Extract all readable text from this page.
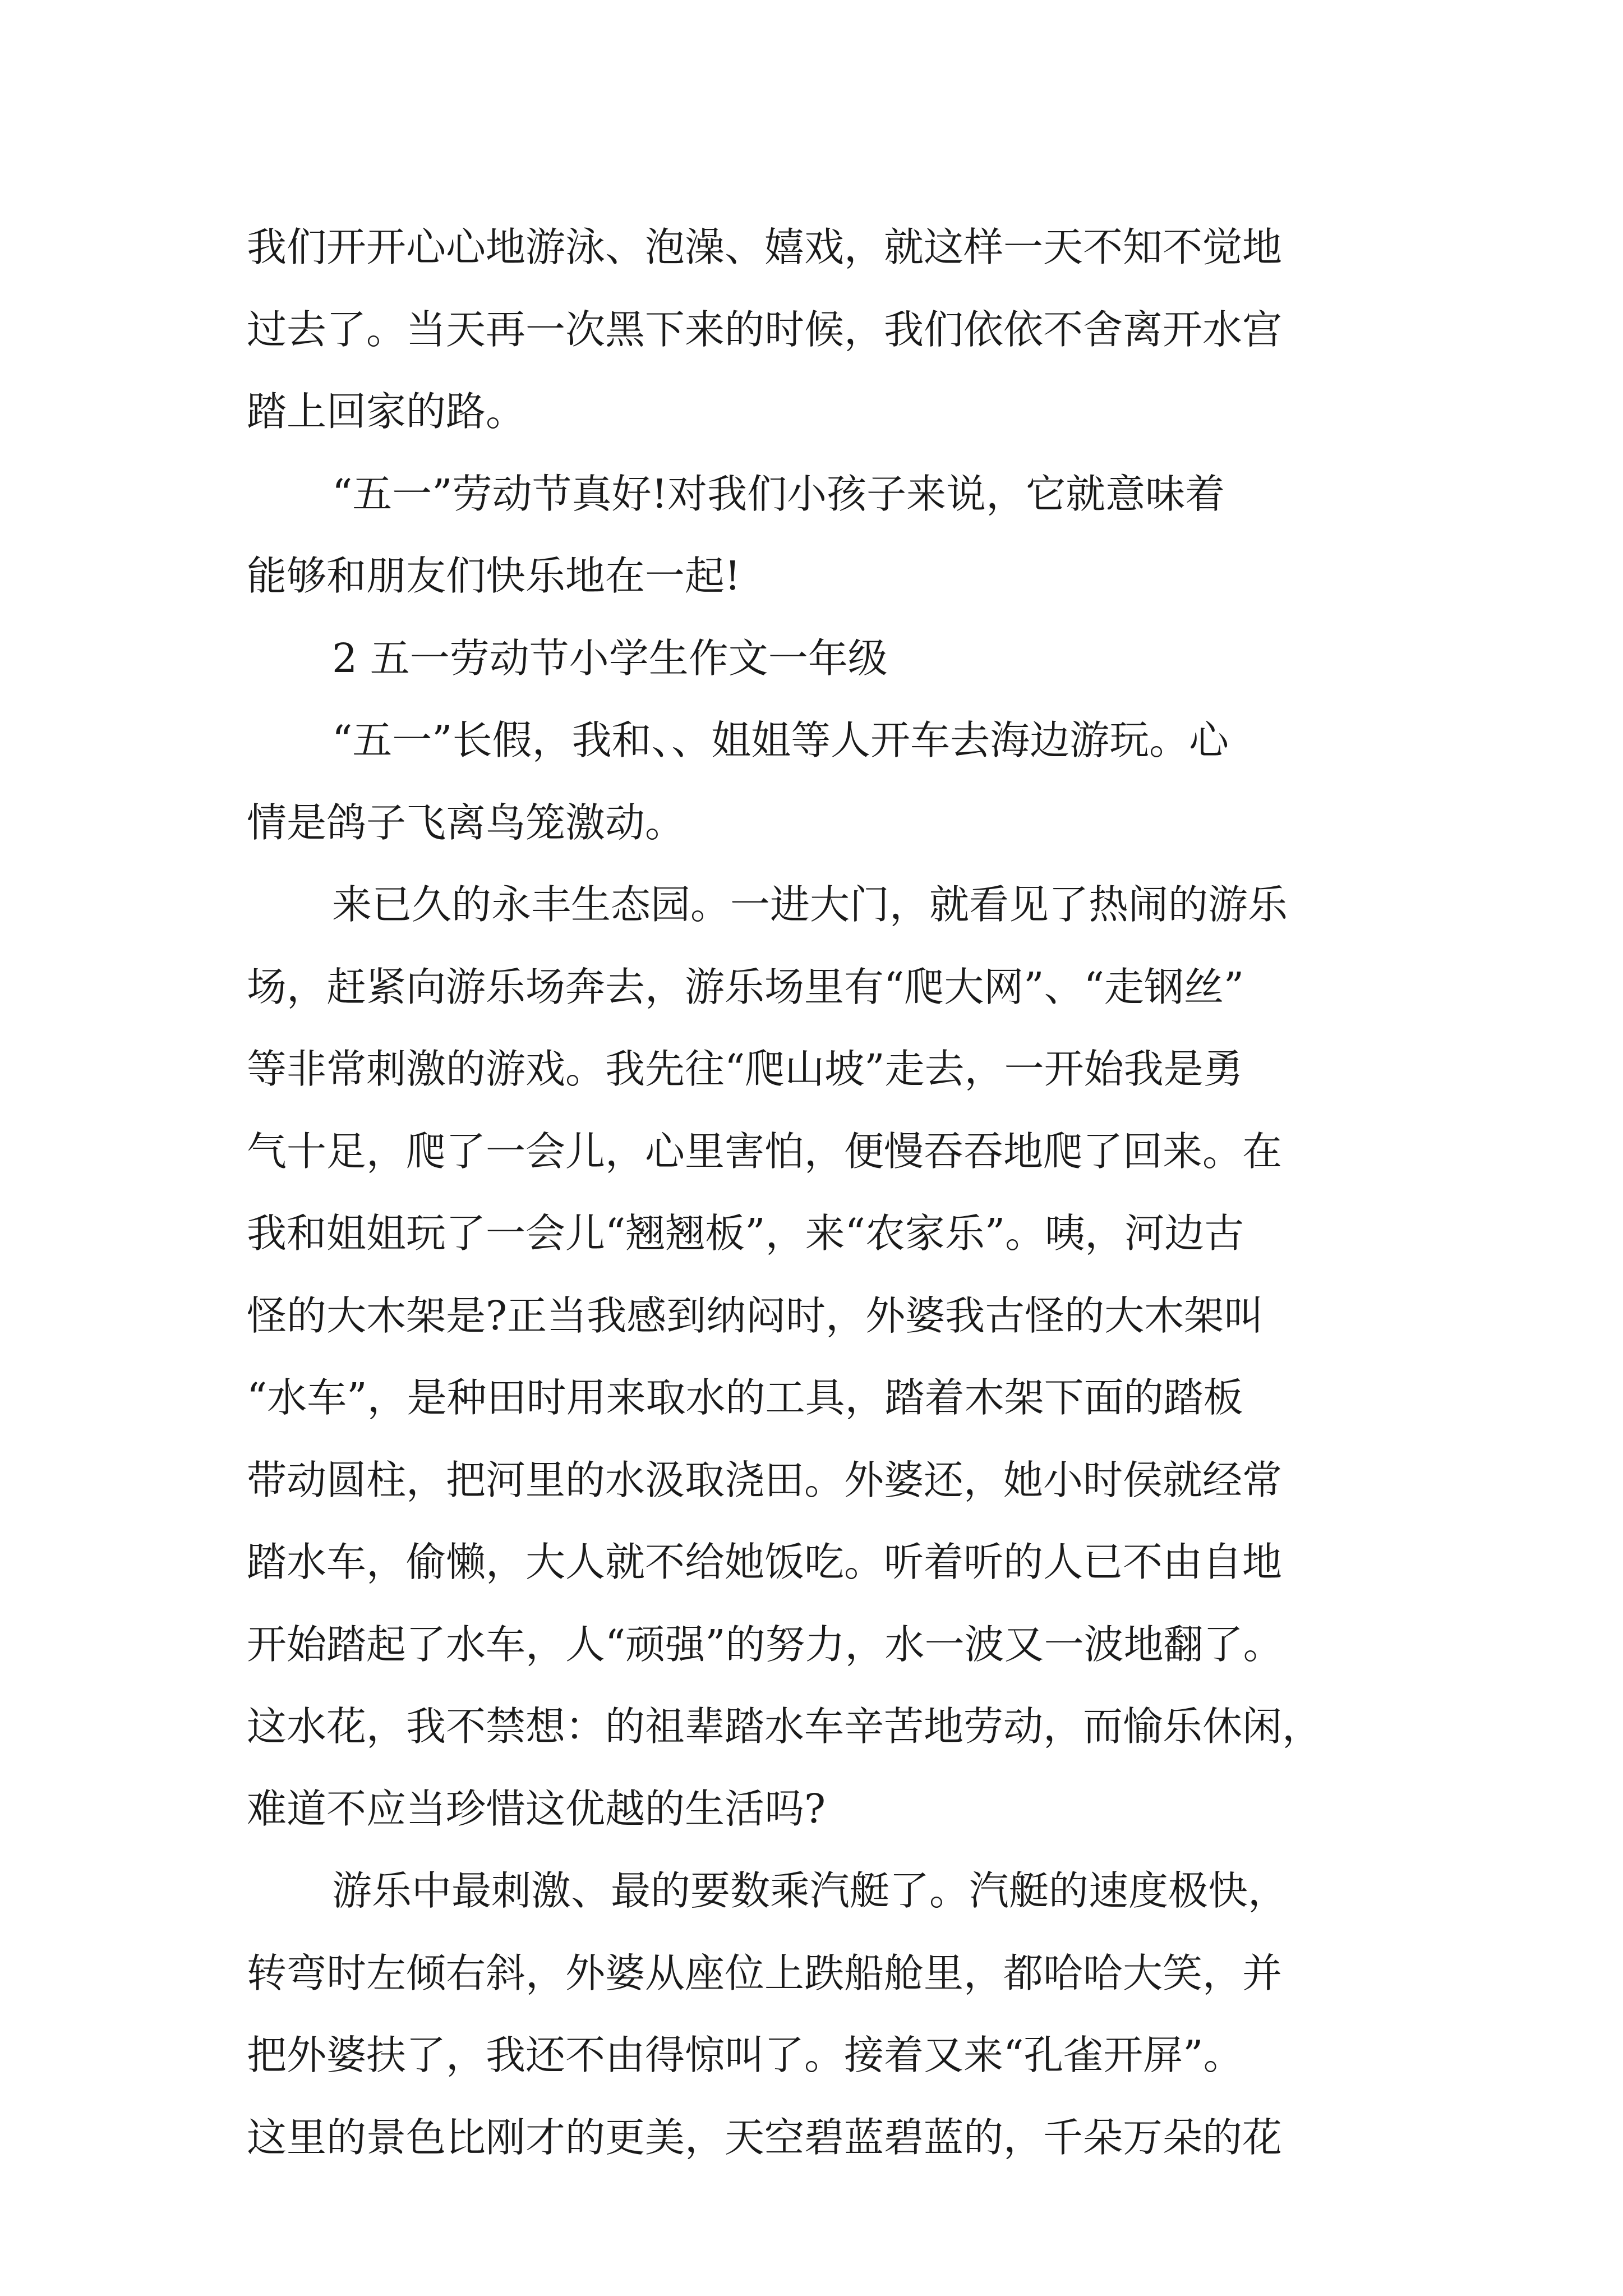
我们开开心心地游泳、泡澡、嬉戏，就这样一天不知不觉地
过去了。当天再一次黑下来的时候，我们依依不舍离开水宫
踏上回家的路。
“五一”劳动节真好!对我们小孩子来说，它就意味着
能够和朋友们快乐地在一起!
2 五一劳动节小学生作文一年级
“五一”长假，我和、、姐姐等人开车去海边游玩。心
情是鸽子飞离鸟笼激动。
来已久的永丰生态园。一进大门，就看见了热闹的游乐
场，赶紧向游乐场奔去，游乐场里有“爬大网”、“走钢丝”
等非常刺激的游戏。我先往“爬山坡”走去，一开始我是勇
气十足，爬了一会儿，心里害怕，便慢吞吞地爬了回来。在
我和姐姐玩了一会儿“翘翘板”，来“农家乐”。咦，河边古
怪的大木架是?正当我感到纳闷时，外婆我古怪的大木架叫
“水车”，是种田时用来取水的工具，踏着木架下面的踏板
带动圆柱，把河里的水汲取浇田。外婆还，她小时侯就经常
踏水车，偷懒，大人就不给她饭吃。听着听的人已不由自地
开始踏起了水车，人“顽强”的努力，水一波又一波地翻了。
这水花，我不禁想：的祖辈踏水车辛苦地劳动，而愉乐休闲，
难道不应当珍惜这优越的生活吗?
游乐中最刺激、最的要数乘汽艇了。汽艇的速度极快，
转弯时左倾右斜，外婆从座位上跌船舱里，都哈哈大笑，并
把外婆扶了，我还不由得惊叫了。接着又来“孔雀开屏”。
这里的景色比刚才的更美，天空碧蓝碧蓝的，千朵万朵的花
